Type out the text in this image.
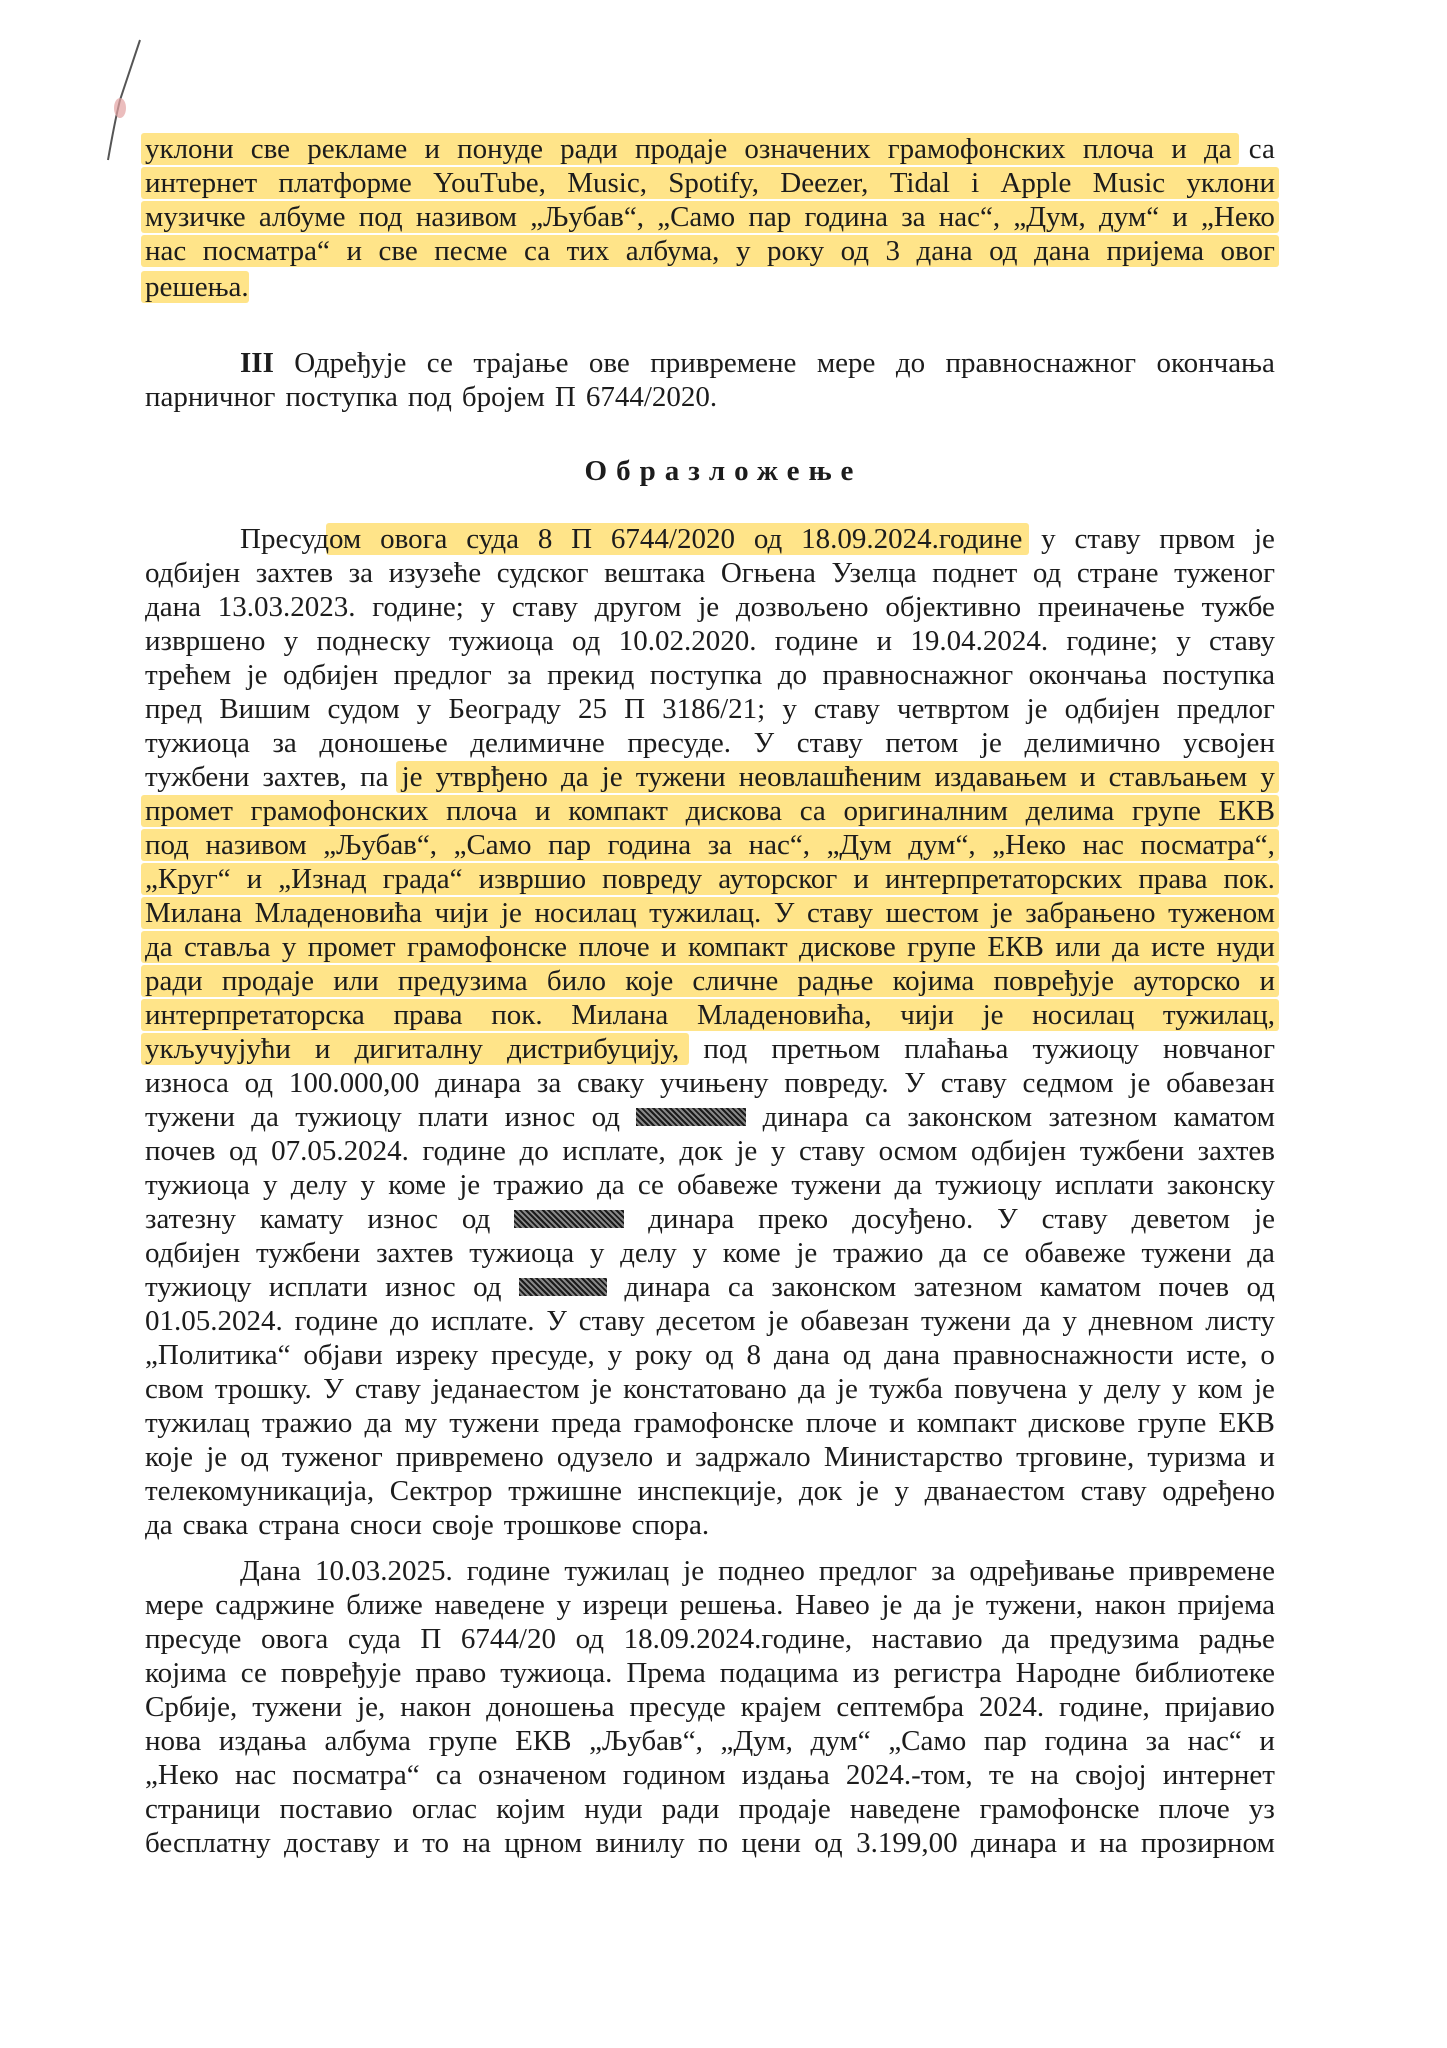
Образложење
уклони све рекламе и понуде ради продаје означених грамофонских плоча и да са
интернет платформе YouTube, Music, Spotify, Deezer, Tidal i Apple Music уклони
музичке албуме под називом „Љубав“, „Само пар година за нас“, „Дум, дум“ и „Неко
нас посматра“ и све песме са тих албума, у року од 3 дана од дана пријема овог
решења.
III Одређује се трајање ове привремене мере до правноснажног окончања
парничног поступка под бројем П 6744/2020.
Пресудом овога суда 8 П 6744/2020 од 18.09.2024.године у ставу првом је
одбијен захтев за изузеће судског вештака Огњена Узелца поднет од стране туженог
дана 13.03.2023. године; у ставу другом је дозвољено објективно преиначење тужбе
извршено у поднеску тужиоца од 10.02.2020. године и 19.04.2024. године; у ставу
трећем је одбијен предлог за прекид поступка до правноснажног окончања поступка
пред Вишим судом у Београду 25 П 3186/21; у ставу четвртом је одбијен предлог
тужиоца за доношење делимичне пресуде. У ставу петом је делимично усвојен
тужбени захтев, па је утврђено да је тужени неовлашћеним издавањем и стављањем у
промет грамофонских плоча и компакт дискова са оригиналним делима групе ЕКВ
под називом „Љубав“, „Само пар година за нас“, „Дум дум“, „Неко нас посматра“,
„Круг“ и „Изнад града“ извршио повреду ауторског и интерпретаторских права пок.
Милана Младеновића чији је носилац тужилац. У ставу шестом је забрањено туженом
да ставља у промет грамофонске плоче и компакт дискове групе ЕКВ или да исте нуди
ради продаје или предузима било које сличне радње којима повређује ауторско и
интерпретаторска права пок. Милана Младеновића, чији је носилац тужилац,
укључујући и дигиталну дистрибуцију, под претњом плаћања тужиоцу новчаног
износа од 100.000,00 динара за сваку учињену повреду. У ставу седмом је обавезан
тужени да тужиоцу плати износ од	динара са законском затезном каматом
почев од 07.05.2024. године до исплате, док је у ставу осмом одбијен тужбени захтев
тужиоца у делу у коме је тражио да се обавеже тужени да тужиоцу исплати законску
затезну камату износ од	динара преко досуђено. У ставу деветом је
одбијен тужбени захтев тужиоца у делу у коме је тражио да се обавеже тужени да
тужиоцу исплати износ од	динара са законском затезном каматом почев од
01.05.2024. године до исплате. У ставу десетом је обавезан тужени да у дневном листу
„Политика“ објави изреку пресуде, у року од 8 дана од дана правноснажности исте, о
свом трошку. У ставу једанаестом је констатовано да је тужба повучена у делу у ком је
тужилац тражио да му тужени преда грамофонске плоче и компакт дискове групе ЕКВ
које је од туженог привремено одузело и задржало Министарство трговине, туризма и
телекомуникација, Сектрор тржишне инспекције, док је у дванаестом ставу одређено
да свака страна сноси своје трошкове спора.
Дана 10.03.2025. године тужилац је поднео предлог за одређивање привремене
мере садржине ближе наведене у изреци решења. Навео је да је тужени, након пријема
пресуде овога суда П 6744/20 од 18.09.2024.године, наставио да предузима радње
којима се повређује право тужиоца. Према подацима из регистра Народне библиотеке
Србије, тужени је, након доношења пресуде крајем септембра 2024. године, пријавио
нова издања албума групе ЕКВ „Љубав“, „Дум, дум“ „Само пар година за нас“ и
„Неко нас посматра“ са означеном годином издања 2024.-том, те на својој интернет
страници поставио оглас којим нуди ради продаје наведене грамофонске плоче уз
бесплатну доставу и то на црном винилу по цени од 3.199,00 динара и на прозирном
